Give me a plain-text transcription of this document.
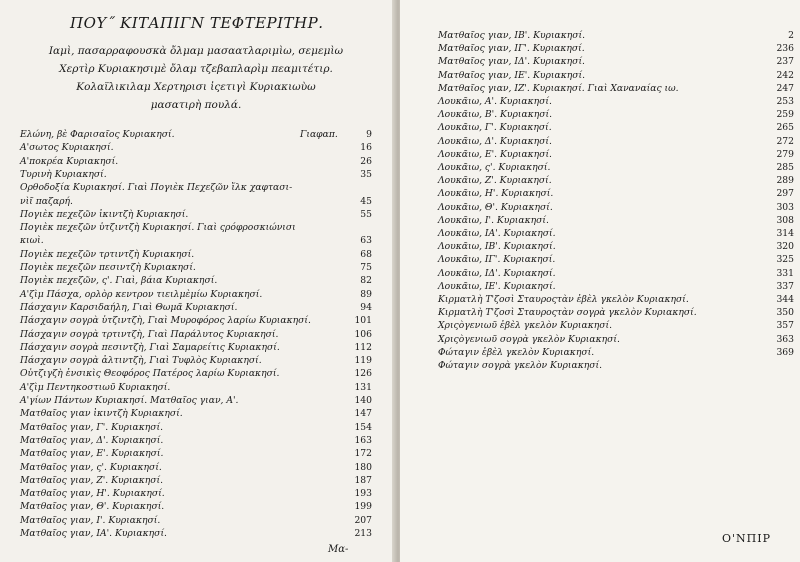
ΠΟΥ˝ ΚΙΤΑΠΙΓΝ ΤΕΦΤΕΡΙΤΗΡ.
Ιαμὶ, πασαρραφουσκὰ ὄλμαμ μασαατλαριμὶω, σεμεμὶω
Χερτὶρ Κυριακησιμὲ ὄλαμ τζεβαπλαρὶμ πεαμιτέτιρ.
Κολαϊλικιλαμ Χερτηρισι ἰςετιγὶ Κυριακιωὺω
μασατιρὴ πουλά.
Ελώνη, βὲ Φαρισαῖος Κυριακησί.	Γιαφαπ.	9
Α'σωτος Κυριακησί.	16
Α'ποκρέα Κυριακησί.	26
Τυρινὴ Κυριακησί.	35
Ορθοδοξία Κυριακησί. Γιαὶ Πογιὲκ Πεχεζῶν ἵλκ χαφτασι-
νὶῖ παζαρή.	45
Πογιὲκ πεχεζῶν ἰκιντζὴ Κυριακησί.	55
Πογιὲκ πεχεζῶν ὑτζιντζὴ Κυριακησί. Γιαὶ ςρόφροσκιώνισι
κιωὶ.	63
Πογιὲκ πεχεζῶν τρτιντζὴ Κυριακησί.	68
Πογιὲκ πεχεζῶν πεσιντζὴ Κυριακησί.	75
Πογιὲκ πεχεζῶν, ς'. Γιαὶ, βάια Κυριακησί.	82
Α'ζὶμ Πάσχα, ορλὸρ κεντρον τιειλμὲμίω Κυριακησί.	89
Πάσχαγιν Καρσιδαήλη, Γιαὶ Θωμᾶ Κυριακησί.	94
Πάσχαγιν σογρὰ ὑτζιντζὴ, Γιαὶ Μυροφόρος λαρίω Κυριακησί.	101
Πάσχαγιν σογρὰ τρτιντζὴ, Γιαὶ Παράλυτος Κυριακησί.	106
Πάσχαγιν σογρὰ πεσιντζὴ, Γιαὶ Σαμαρείτις Κυριακησί.	112
Πάσχαγιν σογρὰ ἀλτιντζὴ, Γιαὶ Τυφλὸς Κυριακησί.	119
Οὐτζιγζὴ ἐνσικὶς Θεοφόρος Πατέρος λαρίω Κυριακησί.	126
Α'ζὶμ Πεντηκοστιωῦ Κυριακησί.	131
Α'γίων Πάντων Κυριακησί. Ματθαῖος γιαν, Α'.	140
Ματθαῖος γιαν ἰκιντζὴ Κυριακησί.	147
Ματθαῖος γιαν, Γ'. Κυριακησί.	154
Ματθαῖος γιαν, Δ'. Κυριακησί.	163
Ματθαῖος γιαν, Ε'. Κυριακησί.	172
Ματθαῖος γιαν, ς'. Κυριακησί.	180
Ματθαῖος γιαν, Ζ'. Κυριακησί.	187
Ματθαῖος γιαν, Η'. Κυριακησί.	193
Ματθαῖος γιαν, Θ'. Κυριακησί.	199
Ματθαῖος γιαν, Ι'. Κυριακησί.	207
Ματθαῖος γιαν, ΙΑ'. Κυριακησί.	213
Μα-
Ματθαῖος γιαν, ΙΒ'. Κυριακησί.	2
Ματθαῖος γιαν, ΙΓ'. Κυριακησί.	236
Ματθαῖος γιαν, ΙΔ'. Κυριακησί.	237
Ματθαῖος γιαν, ΙΕ'. Κυριακησί.	242
Ματθαῖος γιαν, ΙΖ'. Κυριακησί. Γιαὶ Χαναναίας ιω.	247
Λουκᾶιω, Α'. Κυριακησί.	253
Λουκᾶιω, Β'. Κυριακησί.	259
Λουκᾶιω, Γ'. Κυριακησί.	265
Λουκᾶιω, Δ'. Κυριακησί.	272
Λουκᾶιω, Ε'. Κυριακησί.	279
Λουκᾶιω, ς'. Κυριακησί.	285
Λουκᾶιω, Ζ'. Κυριακησί.	289
Λουκᾶιω, Η'. Κυριακησί.	297
Λουκᾶιω, Θ'. Κυριακησί.	303
Λουκᾶιω, Ι'. Κυριακησί.	308
Λουκᾶιω, ΙΑ'. Κυριακησί.	314
Λουκᾶιω, ΙΒ'. Κυριακησί.	320
Λουκᾶιω, ΙΓ'. Κυριακησί.	325
Λουκᾶιω, ΙΔ'. Κυριακησί.	331
Λουκᾶιω, ΙΕ'. Κυριακησί.	337
Κιρματλὴ Τ'ζοσὶ Σταυροςτὰν ἐβὲλ γκελὸν Κυριακησί.	344
Κιρματλὴ Τ'ζοσὶ Σταυροςτὰν σογρὰ γκελὸν Κυριακησί.	350
Χριςὸγενιωῦ ἐβὲλ γκελὸν Κυριακησί.	357
Χριςὸγενιωῦ σογρὰ γκελὸν Κυριακησί.	363
Φώταγιν ἐβὲλ γκελὸν Κυριακησί.	369
Φώταγιν σογρὰ γκελὸν Κυριακησί.
Ο'ΝΠΙΡ
